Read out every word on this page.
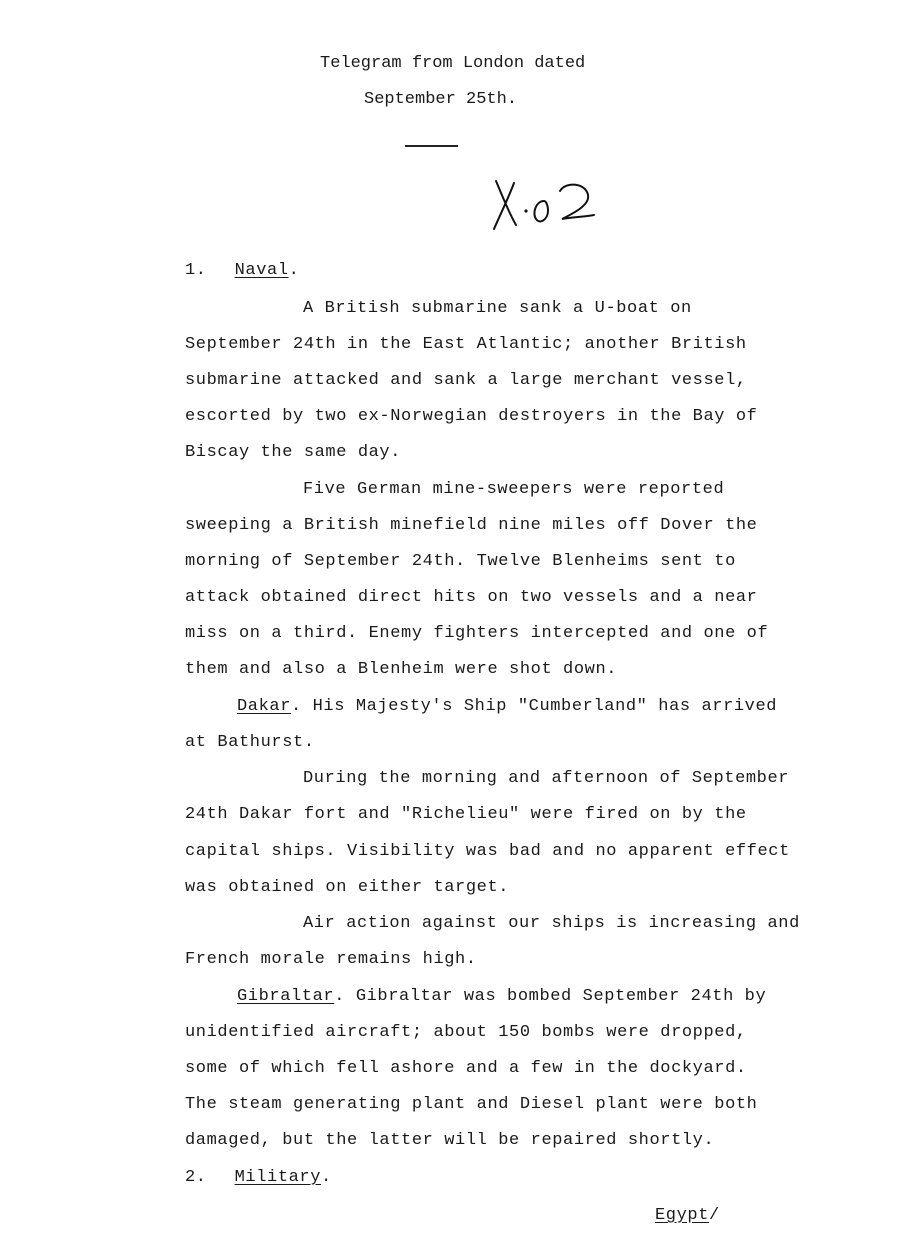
Telegram from London dated
September 25th.
1. Naval.
A British submarine sank a U-boat on
September 24th in the East Atlantic; another British
submarine attacked and sank a large merchant vessel,
escorted by two ex-Norwegian destroyers in the Bay of
Biscay the same day.
Five German mine-sweepers were reported
sweeping a British minefield nine miles off Dover the
morning of September 24th. Twelve Blenheims sent to
attack obtained direct hits on two vessels and a near
miss on a third. Enemy fighters intercepted and one of
them and also a Blenheim were shot down.
Dakar. His Majesty's Ship "Cumberland" has arrived
at Bathurst.
During the morning and afternoon of September
24th Dakar fort and "Richelieu" were fired on by the
capital ships. Visibility was bad and no apparent effect
was obtained on either target.
Air action against our ships is increasing and
French morale remains high.
Gibraltar. Gibraltar was bombed September 24th by
unidentified aircraft; about 150 bombs were dropped,
some of which fell ashore and a few in the dockyard.
The steam generating plant and Diesel plant were both
damaged, but the latter will be repaired shortly.
2. Military.
Egypt/
